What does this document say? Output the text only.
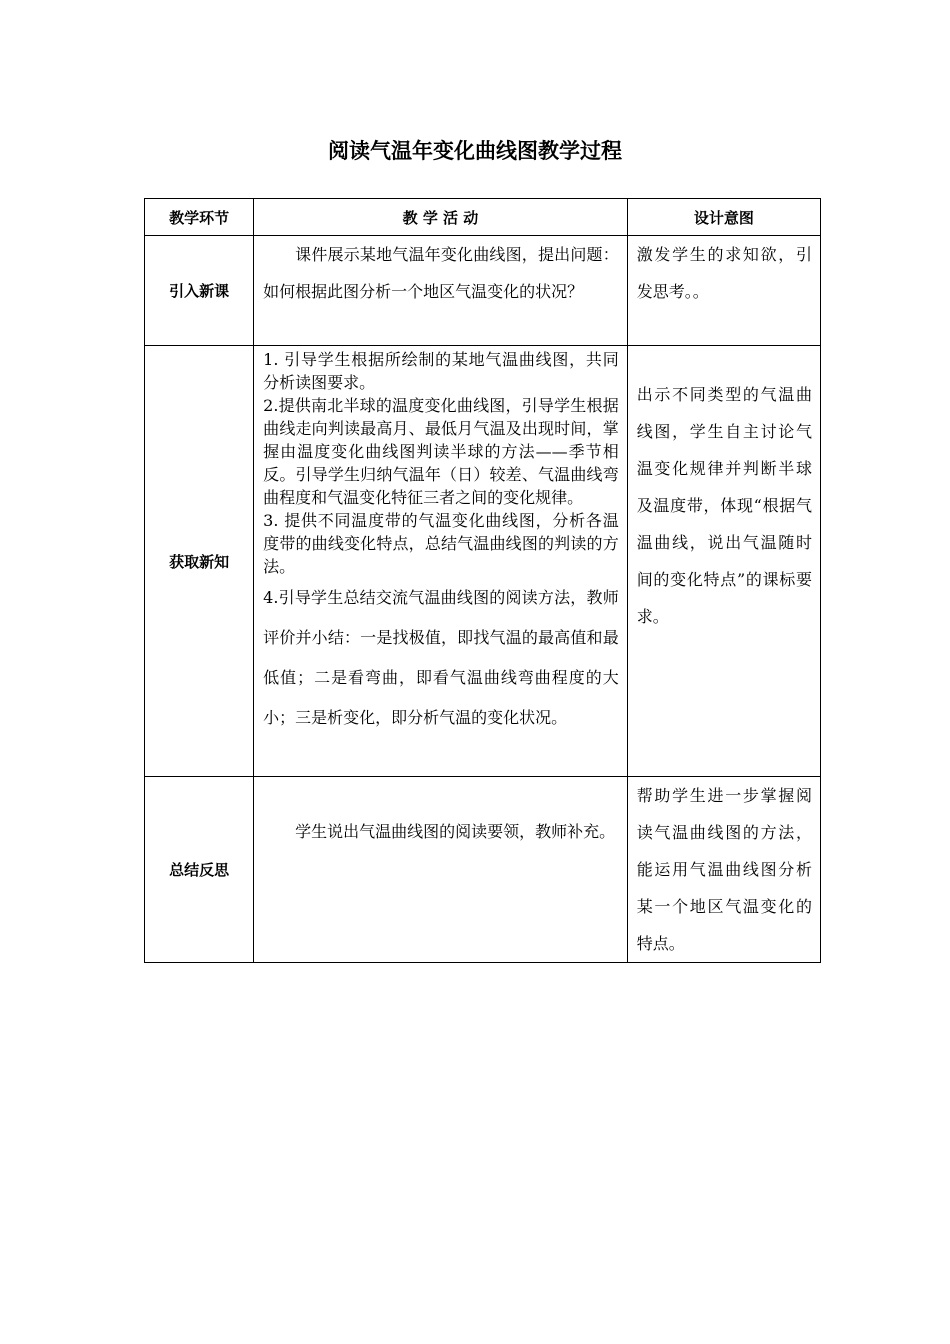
阅读气温年变化曲线图教学过程
教学环节	教 学 活 动	设计意图
引入新课	课件展示某地气温年变化曲线图，提出问题：如何根据此图分析一个地区气温变化的状况？	激发学生的求知欲，引发思考。。

获取新知	1. 引导学生根据所绘制的某地气温曲线图，共同分析读图要求。

2.提供南北半球的温度变化曲线图，引导学生根据曲线走向判读最高月、最低月气温及出现时间，掌握由温度变化曲线图判读半球的方法——季节相反。引导学生归纳气温年（日）较差、气温曲线弯曲程度和气温变化特征三者之间的变化规律。

3. 提供不同温度带的气温变化曲线图，分析各温度带的曲线变化特点，总结气温曲线图的判读的方法。

4.引导学生总结交流气温曲线图的阅读方法，教师评价并小结：一是找极值，即找气温的最高值和最低值；二是看弯曲，即看气温曲线弯曲程度的大小；三是析变化，即分析气温的变化状况。	出示不同类型的气温曲线图，学生自主讨论气温变化规律并判断半球及温度带，体现“根据气温曲线，说出气温随时间的变化特点”的课标要求。

总结反思	学生说出气温曲线图的阅读要领，教师补充。	帮助学生进一步掌握阅读气温曲线图的方法，能运用气温曲线图分析某一个地区气温变化的特点。
